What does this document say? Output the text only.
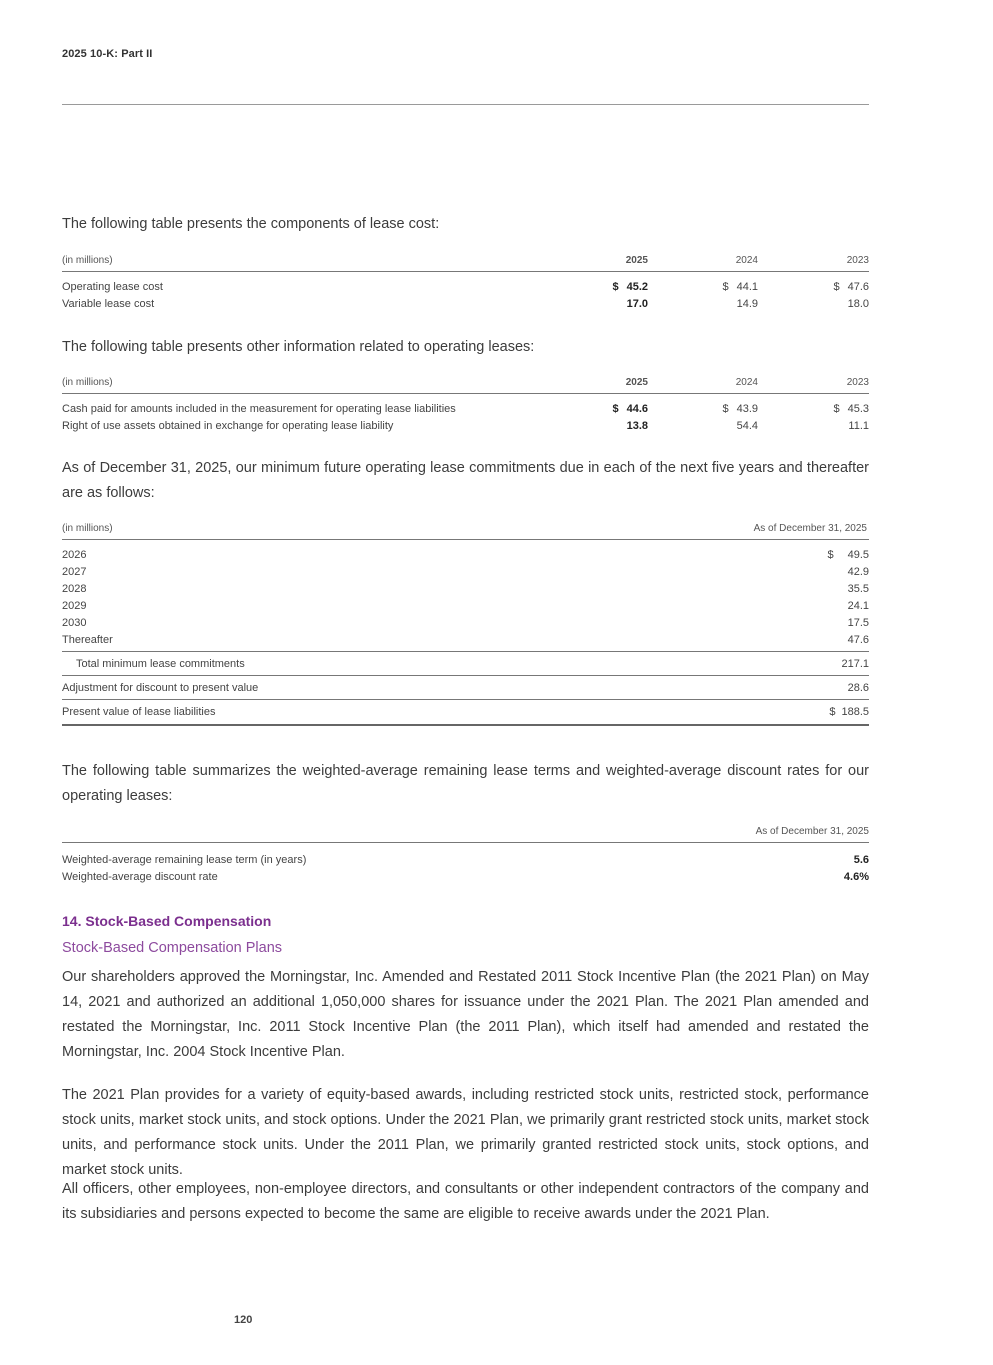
2025 10-K: Part II
The following table presents the components of lease cost:
(in millions)	2025	2024	2023
Operating lease cost	$ 45.2	$ 44.1	$ 47.6
Variable lease cost	17.0	14.9	18.0
The following table presents other information related to operating leases:
(in millions)	2025	2024	2023
Cash paid for amounts included in the measurement for operating lease liabilities	$ 44.6	$ 43.9	$ 45.3
Right of use assets obtained in exchange for operating lease liability	13.8	54.4	11.1
As of December 31, 2025, our minimum future operating lease commitments due in each of the next five years and thereafter are as follows:
(in millions)	As of December 31, 2025
2026	$ 49.5
2027	42.9
2028	35.5
2029	24.1
2030	17.5
Thereafter	47.6
Total minimum lease commitments	217.1
Adjustment for discount to present value	28.6
Present value of lease liabilities	$ 188.5
The following table summarizes the weighted-average remaining lease terms and weighted-average discount rates for our operating leases:
	As of December 31, 2025
Weighted-average remaining lease term (in years)	5.6
Weighted-average discount rate	4.6%
14. Stock-Based Compensation
Stock-Based Compensation Plans
Our shareholders approved the Morningstar, Inc. Amended and Restated 2011 Stock Incentive Plan (the 2021 Plan) on May 14, 2021 and authorized an additional 1,050,000 shares for issuance under the 2021 Plan. The 2021 Plan amended and restated the Morningstar, Inc. 2011 Stock Incentive Plan (the 2011 Plan), which itself had amended and restated the Morningstar, Inc. 2004 Stock Incentive Plan.
The 2021 Plan provides for a variety of equity-based awards, including restricted stock units, restricted stock, performance stock units, market stock units, and stock options. Under the 2021 Plan, we primarily grant restricted stock units, market stock units, and performance stock units. Under the 2011 Plan, we primarily granted restricted stock units, stock options, and market stock units.
All officers, other employees, non-employee directors, and consultants or other independent contractors of the company and its subsidiaries and persons expected to become the same are eligible to receive awards under the 2021 Plan.
120
